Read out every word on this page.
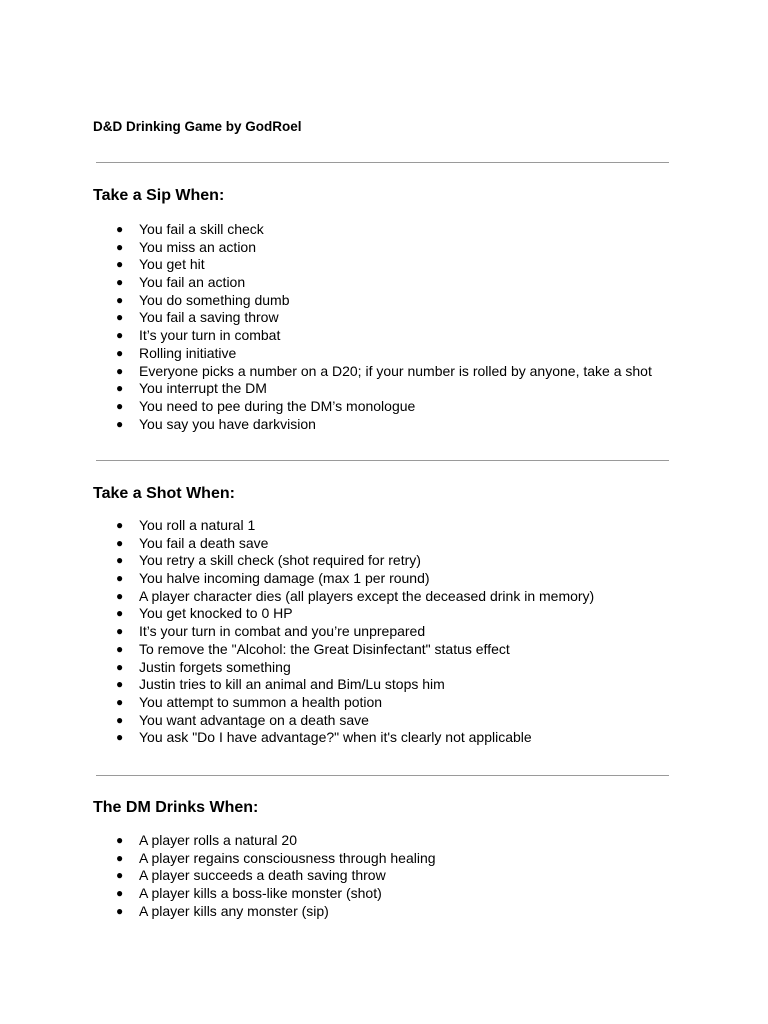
D&D Drinking Game by GodRoel
Take a Sip When:
● You fail a skill check
● You miss an action
● You get hit
● You fail an action
● You do something dumb
● You fail a saving throw
● It’s your turn in combat
● Rolling initiative
● Everyone picks a number on a D20; if your number is rolled by anyone, take a shot
● You interrupt the DM
● You need to pee during the DM’s monologue
● You say you have darkvision
Take a Shot When:
● You roll a natural 1
● You fail a death save
● You retry a skill check (shot required for retry)
● You halve incoming damage (max 1 per round)
● A player character dies (all players except the deceased drink in memory)
● You get knocked to 0 HP
● It’s your turn in combat and you’re unprepared
● To remove the "Alcohol: the Great Disinfectant" status effect
● Justin forgets something
● Justin tries to kill an animal and Bim/Lu stops him
● You attempt to summon a health potion
● You want advantage on a death save
● You ask "Do I have advantage?" when it's clearly not applicable
The DM Drinks When:
● A player rolls a natural 20
● A player regains consciousness through healing
● A player succeeds a death saving throw
● A player kills a boss-like monster (shot)
● A player kills any monster (sip)
